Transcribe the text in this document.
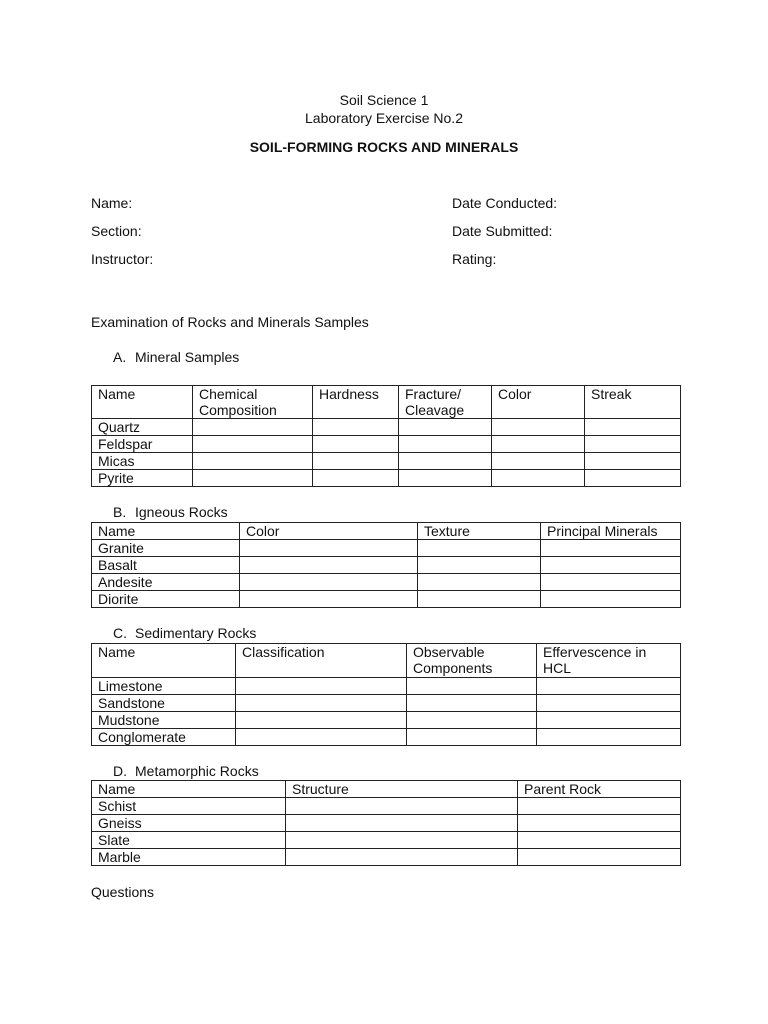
Soil Science 1
Laboratory Exercise No.2
SOIL-FORMING ROCKS AND MINERALS
Name:
Section:
Instructor:
Date Conducted:
Date Submitted:
Rating:
Examination of Rocks and Minerals Samples
A. Mineral Samples
Name	Chemical Composition	Hardness	Fracture/ Cleavage	Color	Streak
Quartz					
Feldspar					
Micas					
Pyrite					
B. Igneous Rocks
Name	Color	Texture	Principal Minerals
Granite			
Basalt			
Andesite			
Diorite			
C. Sedimentary Rocks
Name	Classification	Observable Components	Effervescence in HCL
Limestone			
Sandstone			
Mudstone			
Conglomerate			
D. Metamorphic Rocks
Name	Structure	Parent Rock
Schist		
Gneiss		
Slate		
Marble		
Questions
